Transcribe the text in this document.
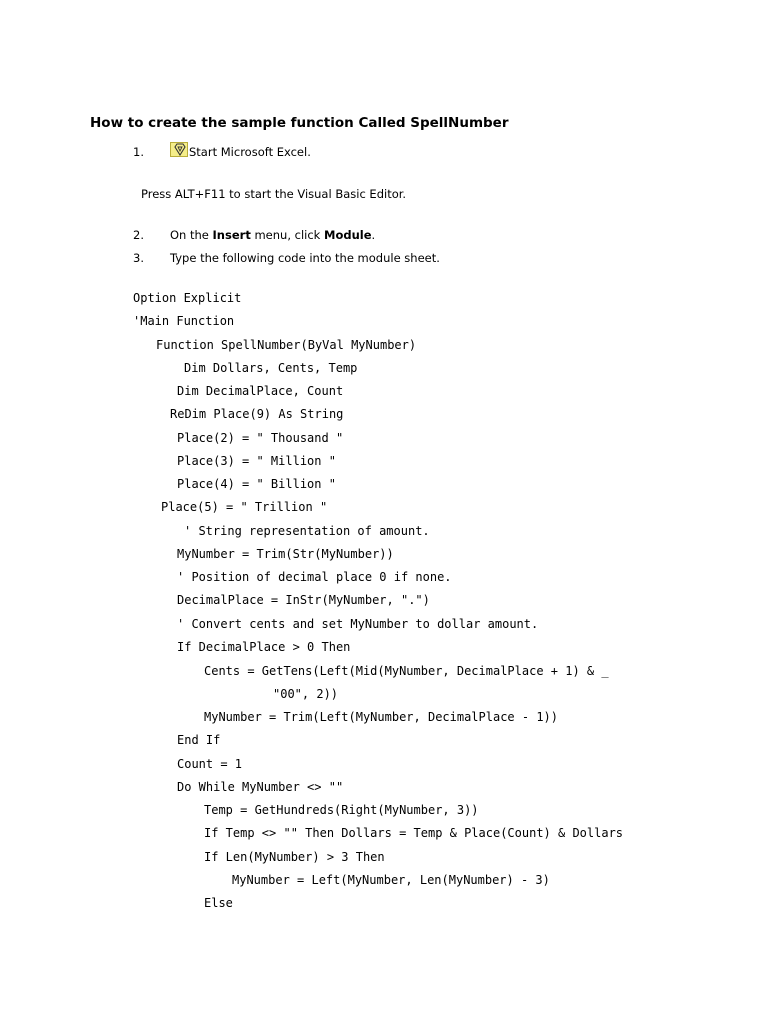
How to create the sample function Called SpellNumber
1.	Start Microsoft Excel.
Press ALT+F11 to start the Visual Basic Editor.
2. On the Insert menu, click Module.
3. Type the following code into the module sheet.
Option Explicit
'Main Function
Function SpellNumber(ByVal MyNumber)
Dim Dollars, Cents, Temp
Dim DecimalPlace, Count
ReDim Place(9) As String
Place(2) = " Thousand "
Place(3) = " Million "
Place(4) = " Billion "
Place(5) = " Trillion "
' String representation of amount.
MyNumber = Trim(Str(MyNumber))
' Position of decimal place 0 if none.
DecimalPlace = InStr(MyNumber, ".")
' Convert cents and set MyNumber to dollar amount.
If DecimalPlace > 0 Then
Cents = GetTens(Left(Mid(MyNumber, DecimalPlace + 1) & _
"00", 2))
MyNumber = Trim(Left(MyNumber, DecimalPlace - 1))
End If
Count = 1
Do While MyNumber <> ""
Temp = GetHundreds(Right(MyNumber, 3))
If Temp <> "" Then Dollars = Temp & Place(Count) & Dollars
If Len(MyNumber) > 3 Then
MyNumber = Left(MyNumber, Len(MyNumber) - 3)
Else
